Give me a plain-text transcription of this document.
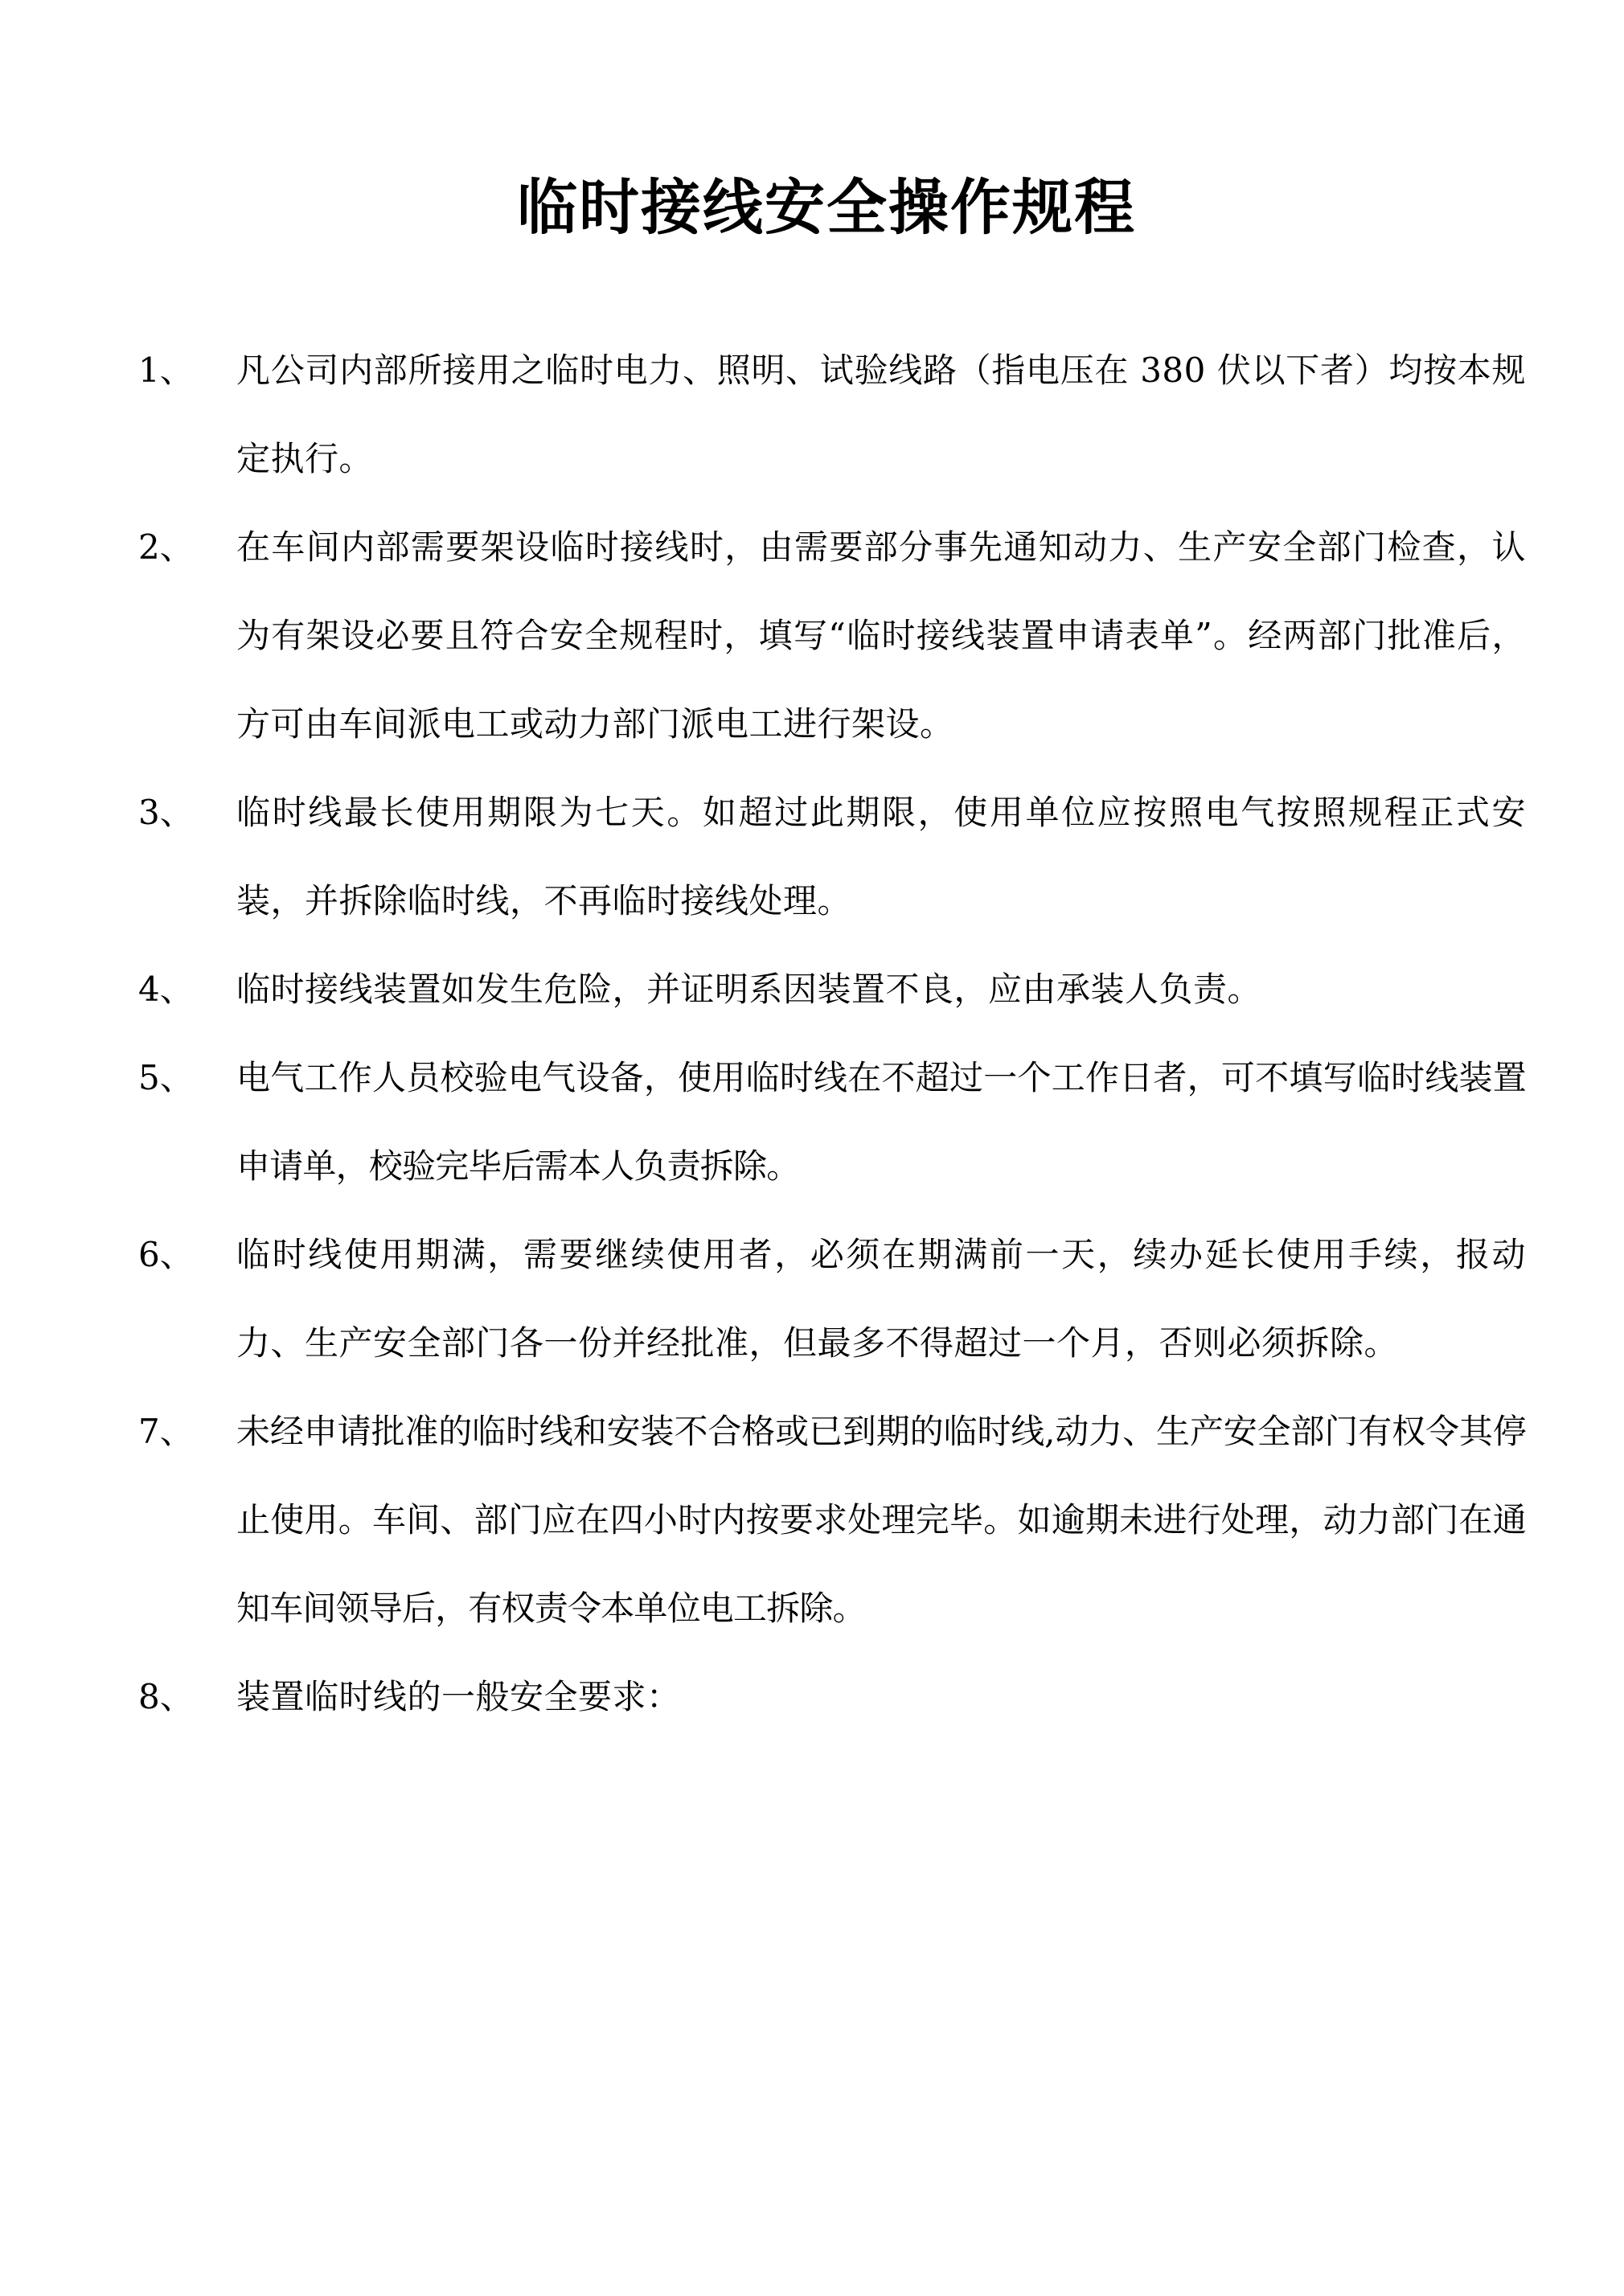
临时接线安全操作规程
1、	凡公司内部所接用之临时电力、照明、试验线路（指电压在 380 伏以下者）均按本规定执行。
2、	在车间内部需要架设临时接线时，由需要部分事先通知动力、生产安全部门检查，认为有架设必要且符合安全规程时，填写“临时接线装置申请表单”。经两部门批准后，方可由车间派电工或动力部门派电工进行架设。
3、	临时线最长使用期限为七天。如超过此期限，使用单位应按照电气按照规程正式安装，并拆除临时线，不再临时接线处理。
4、	临时接线装置如发生危险，并证明系因装置不良，应由承装人负责。
5、	电气工作人员校验电气设备，使用临时线在不超过一个工作日者，可不填写临时线装置申请单，校验完毕后需本人负责拆除。
6、	临时线使用期满，需要继续使用者，必须在期满前一天，续办延长使用手续，报动力、生产安全部门各一份并经批准，但最多不得超过一个月，否则必须拆除。
7、	未经申请批准的临时线和安装不合格或已到期的临时线,动力、生产安全部门有权令其停止使用。车间、部门应在四小时内按要求处理完毕。如逾期未进行处理，动力部门在通知车间领导后，有权责令本单位电工拆除。
8、	装置临时线的一般安全要求：
